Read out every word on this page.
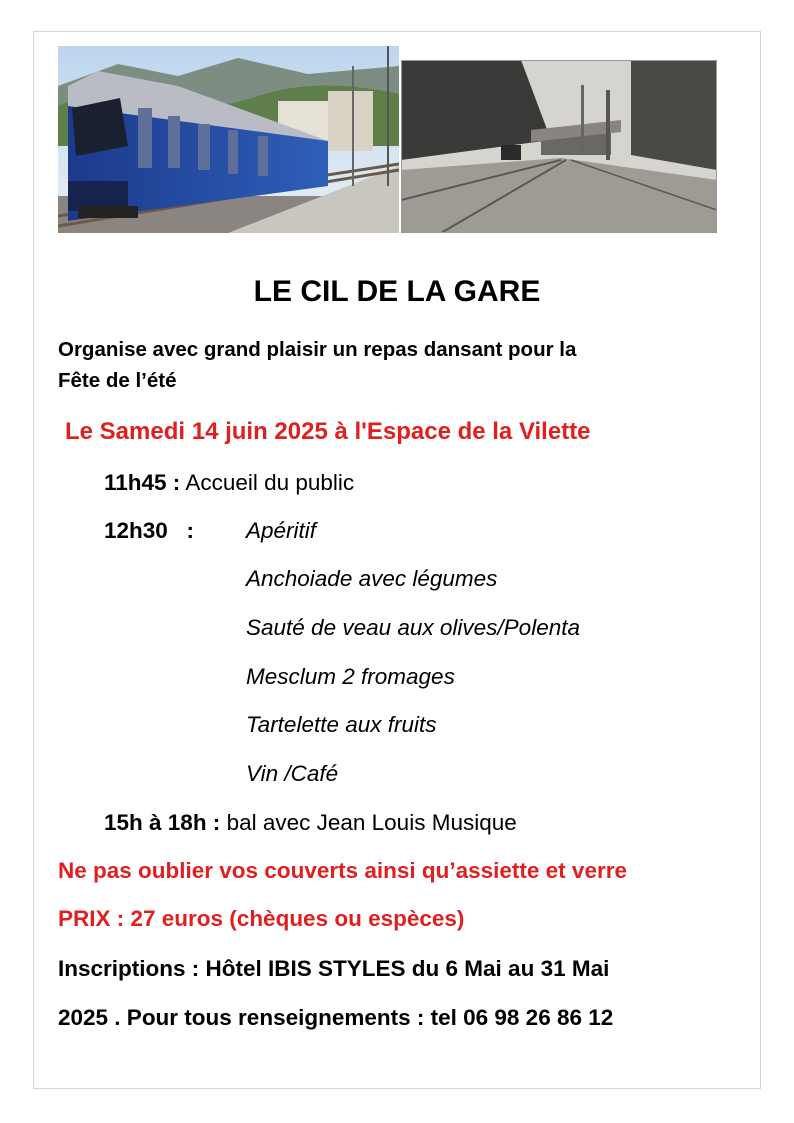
LE CIL DE LA GARE
Organise avec grand plaisir un repas dansant pour la
Fête de l’été
Le Samedi 14 juin 2025 à l'Espace de la Vilette
11h45 : Accueil du public
12h30   : Apéritif
Anchoiade avec légumes
Sauté de veau aux olives/Polenta
Mesclum 2 fromages
Tartelette aux fruits
Vin /Café
15h à 18h : bal avec Jean Louis Musique
Ne pas oublier vos couverts ainsi qu’assiette et verre
PRIX : 27 euros (chèques ou espèces)
Inscriptions : Hôtel IBIS STYLES du 6 Mai au 31 Mai
2025 . Pour tous renseignements : tel 06 98 26 86 12
